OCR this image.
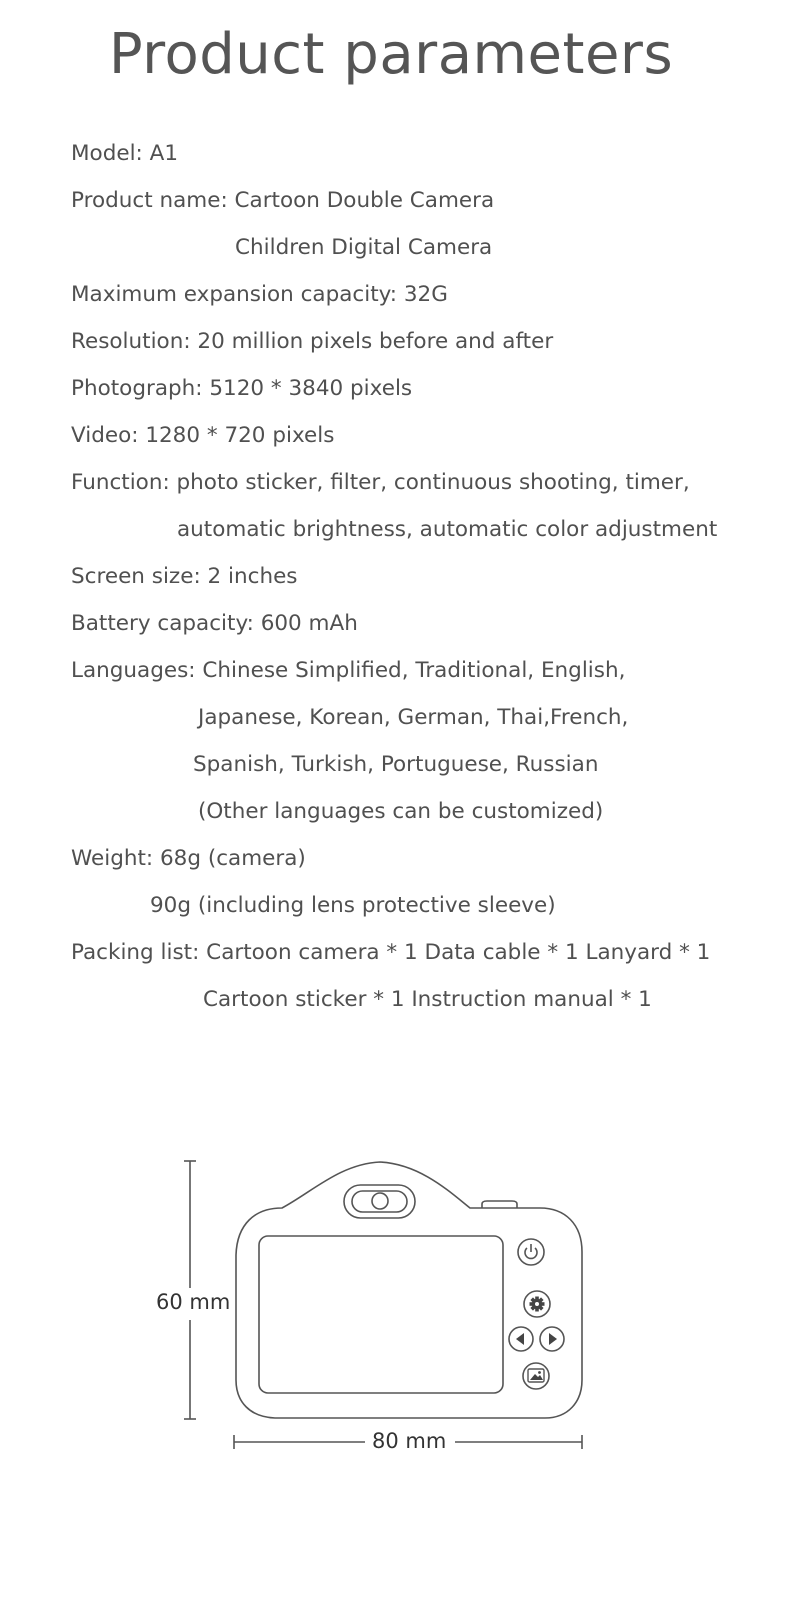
Product parameters
Model: A1
Product name: Cartoon Double Camera
Children Digital Camera
Maximum expansion capacity: 32G
Resolution: 20 million pixels before and after
Photograph: 5120 * 3840 pixels
Video: 1280 * 720 pixels
Function: photo sticker, filter, continuous shooting, timer,
automatic brightness, automatic color adjustment
Screen size: 2 inches
Battery capacity: 600 mAh
Languages: Chinese Simplified, Traditional, English,
Japanese, Korean, German, Thai,French,
Spanish, Turkish, Portuguese, Russian
(Other languages can be customized)
Weight: 68g (camera)
90g (including lens protective sleeve)
Packing list: Cartoon camera * 1 Data cable * 1 Lanyard * 1
Cartoon sticker * 1 Instruction manual * 1
60 mm
80 mm
